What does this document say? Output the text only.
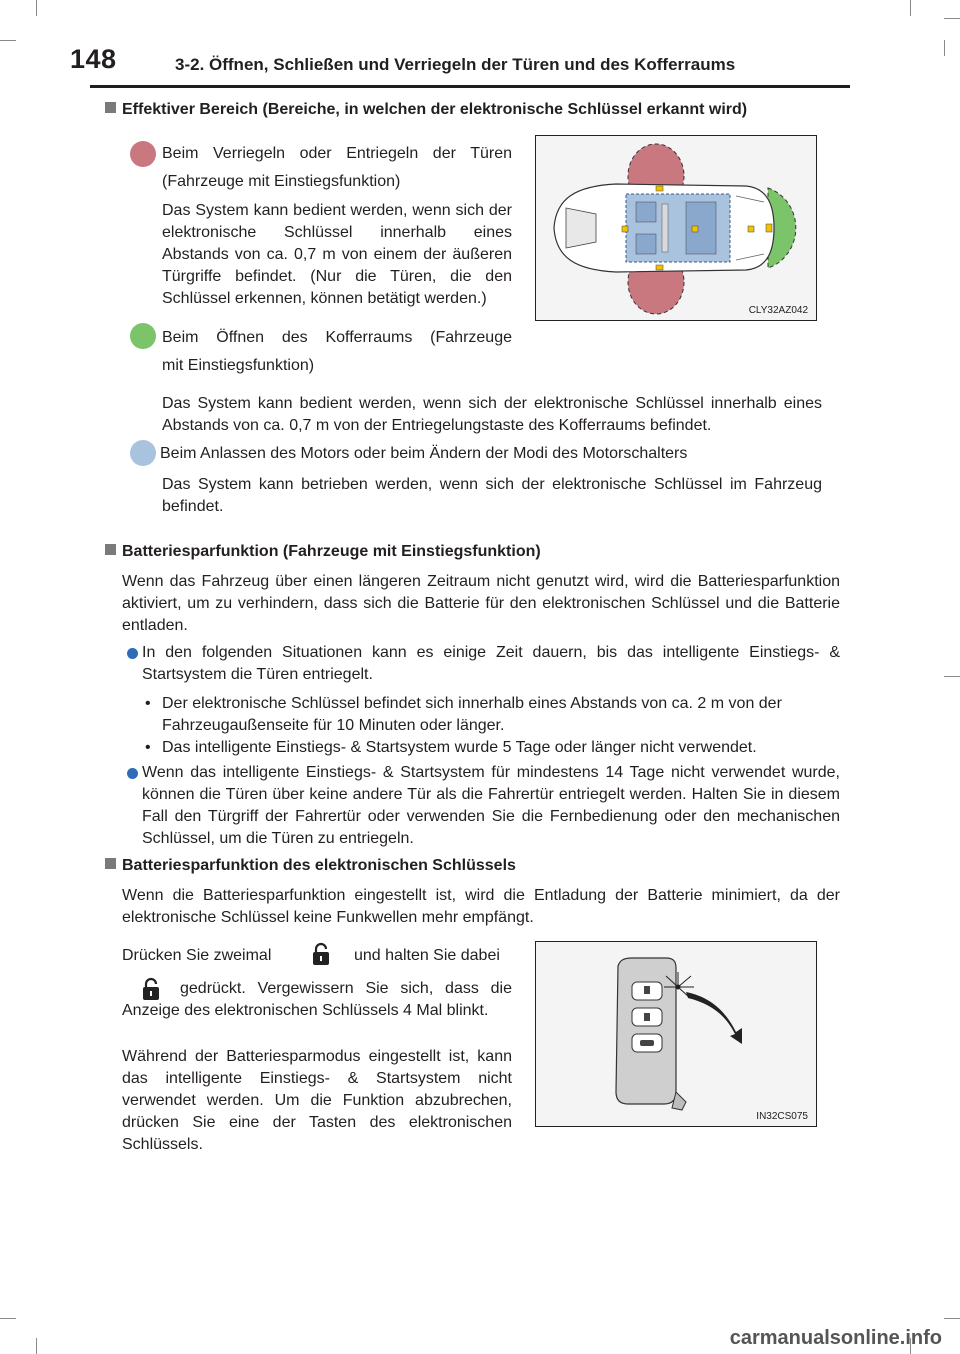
148	3-2. Öffnen, Schließen und Verriegeln der Türen und des Kofferraums
Effektiver Bereich (Bereiche, in welchen der elektronische Schlüssel erkannt wird)
Beim Verriegeln oder Entriegeln der Türen
(Fahrzeuge mit Einstiegsfunktion)
Das System kann bedient werden, wenn sich der elektronische Schlüssel innerhalb eines Abstands von ca. 0,7 m von einem der äußeren Türgriffe befindet. (Nur die Türen, die den Schlüssel erkennen, können betätigt werden.)
Beim Öffnen des Kofferraums (Fahrzeuge
mit Einstiegsfunktion)
Das System kann bedient werden, wenn sich der elektronische Schlüssel innerhalb eines Abstands von ca. 0,7 m von der Entriegelungstaste des Kofferraums befindet.
Beim Anlassen des Motors oder beim Ändern der Modi des Motorschalters
Das System kann betrieben werden, wenn sich der elektronische Schlüssel im Fahrzeug befindet.
CLY32AZ042
Batteriesparfunktion (Fahrzeuge mit Einstiegsfunktion)
Wenn das Fahrzeug über einen längeren Zeitraum nicht genutzt wird, wird die Batteriesparfunktion aktiviert, um zu verhindern, dass sich die Batterie für den elektronischen Schlüssel und die Batterie entladen.
In den folgenden Situationen kann es einige Zeit dauern, bis das intelligente Einstiegs- & Startsystem die Türen entriegelt.
• Der elektronische Schlüssel befindet sich innerhalb eines Abstands von ca. 2 m von der Fahrzeugaußenseite für 10 Minuten oder länger.
• Das intelligente Einstiegs- & Startsystem wurde 5 Tage oder länger nicht verwendet.
Wenn das intelligente Einstiegs- & Startsystem für mindestens 14 Tage nicht verwendet wurde, können die Türen über keine andere Tür als die Fahrertür entriegelt werden. Halten Sie in diesem Fall den Türgriff der Fahrertür oder verwenden Sie die Fernbedienung oder den mechanischen Schlüssel, um die Türen zu entriegeln.
Batteriesparfunktion des elektronischen Schlüssels
Wenn die Batteriesparfunktion eingestellt ist, wird die Entladung der Batterie minimiert, da der elektronische Schlüssel keine Funkwellen mehr empfängt.
Drücken Sie zweimal	und halten Sie dabei
gedrückt. Vergewissern Sie sich, dass die Anzeige des elektronischen Schlüssels 4 Mal blinkt.
Während der Batteriesparmodus eingestellt ist, kann das intelligente Einstiegs- & Startsystem nicht verwendet werden. Um die Funktion abzubrechen, drücken Sie eine der Tasten des elektronischen Schlüssels.
IN32CS075
carmanualsonline.info
